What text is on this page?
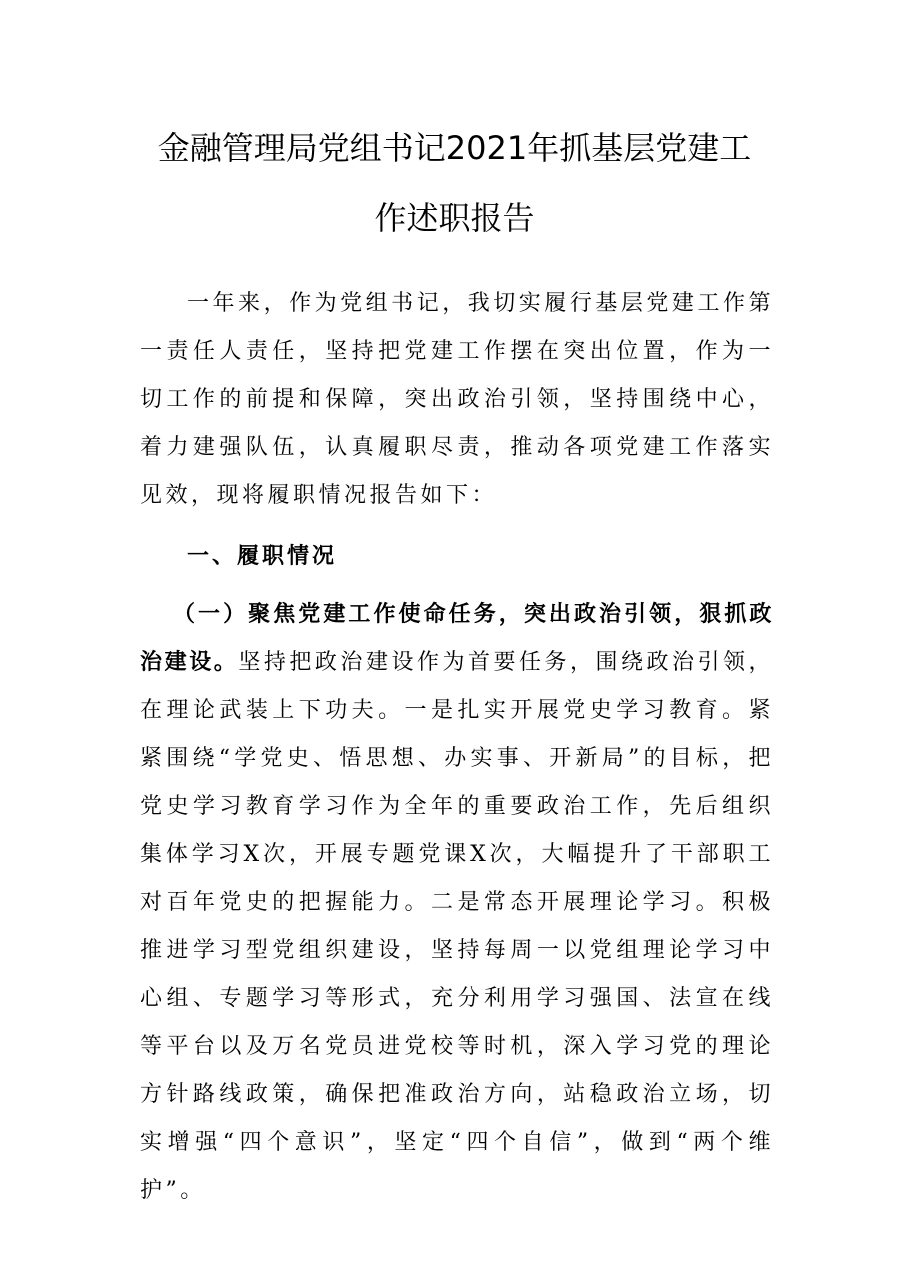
金融管理局党组书记2021年抓基层党建工
作述职报告

一年来，作为党组书记，我切实履行基层党建工作第一责任人责任，坚持把党建工作摆在突出位置，作为一切工作的前提和保障，突出政治引领，坚持围绕中心，着力建强队伍，认真履职尽责，推动各项党建工作落实见效，现将履职情况报告如下：

一、履职情况

（一）聚焦党建工作使命任务，突出政治引领，狠抓政治建设。坚持把政治建设作为首要任务，围绕政治引领，在理论武装上下功夫。一是扎实开展党史学习教育。紧紧围绕“学党史、悟思想、办实事、开新局”的目标，把党史学习教育学习作为全年的重要政治工作，先后组织集体学习X次，开展专题党课X次，大幅提升了干部职工对百年党史的把握能力。二是常态开展理论学习。积极推进学习型党组织建设，坚持每周一以党组理论学习中心组、专题学习等形式，充分利用学习强国、法宣在线等平台以及万名党员进党校等时机，深入学习党的理论方针路线政策，确保把准政治方向，站稳政治立场，切实增强“四个意识”，坚定“四个自信”，做到“两个维护”。
